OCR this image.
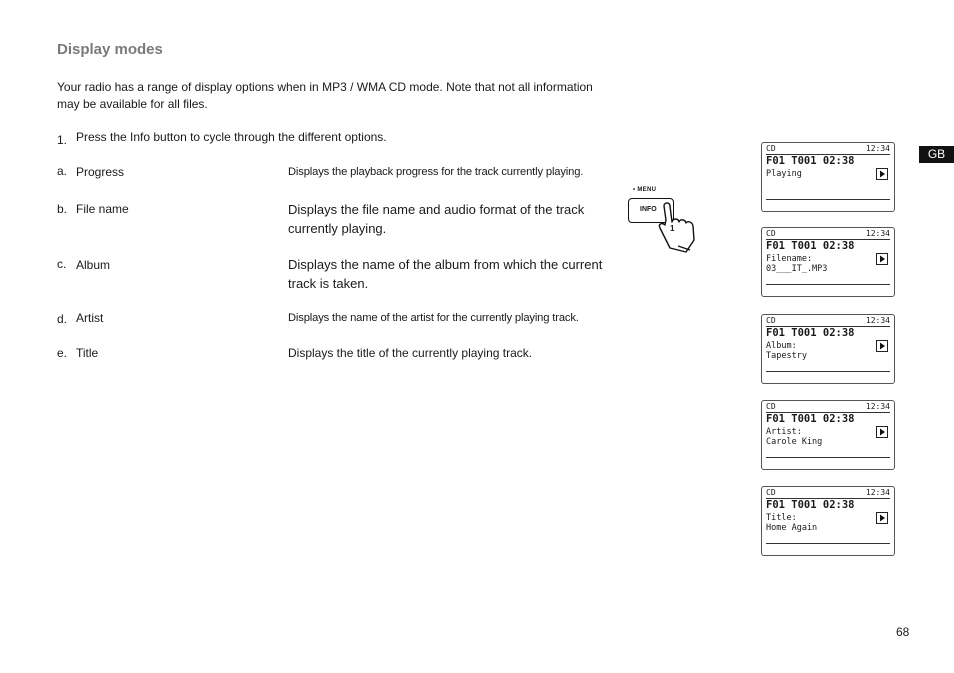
Display modes
Your radio has a range of display options when in MP3 / WMA CD mode. Note that not all information may be available for all files.
1. Press the Info button to cycle through the different options.
a. Progress	Displays the playback progress for the track currently playing.
b. File name	Displays the file name and audio format of the track currently playing.
c. Album	Displays the name of the album from which the current track is taken.
d. Artist	Displays the name of the artist for the currently playing track.
e. Title	Displays the title of the currently playing track.
• MENU
INFO
1
CD	12:34
F01 T001 02:38
Playing
CD	12:34
F01 T001 02:38
Filename:
03___IT_.MP3
CD	12:34
F01 T001 02:38
Album:
Tapestry
CD	12:34
F01 T001 02:38
Artist:
Carole King
CD	12:34
F01 T001 02:38
Title:
Home Again
GB
68
